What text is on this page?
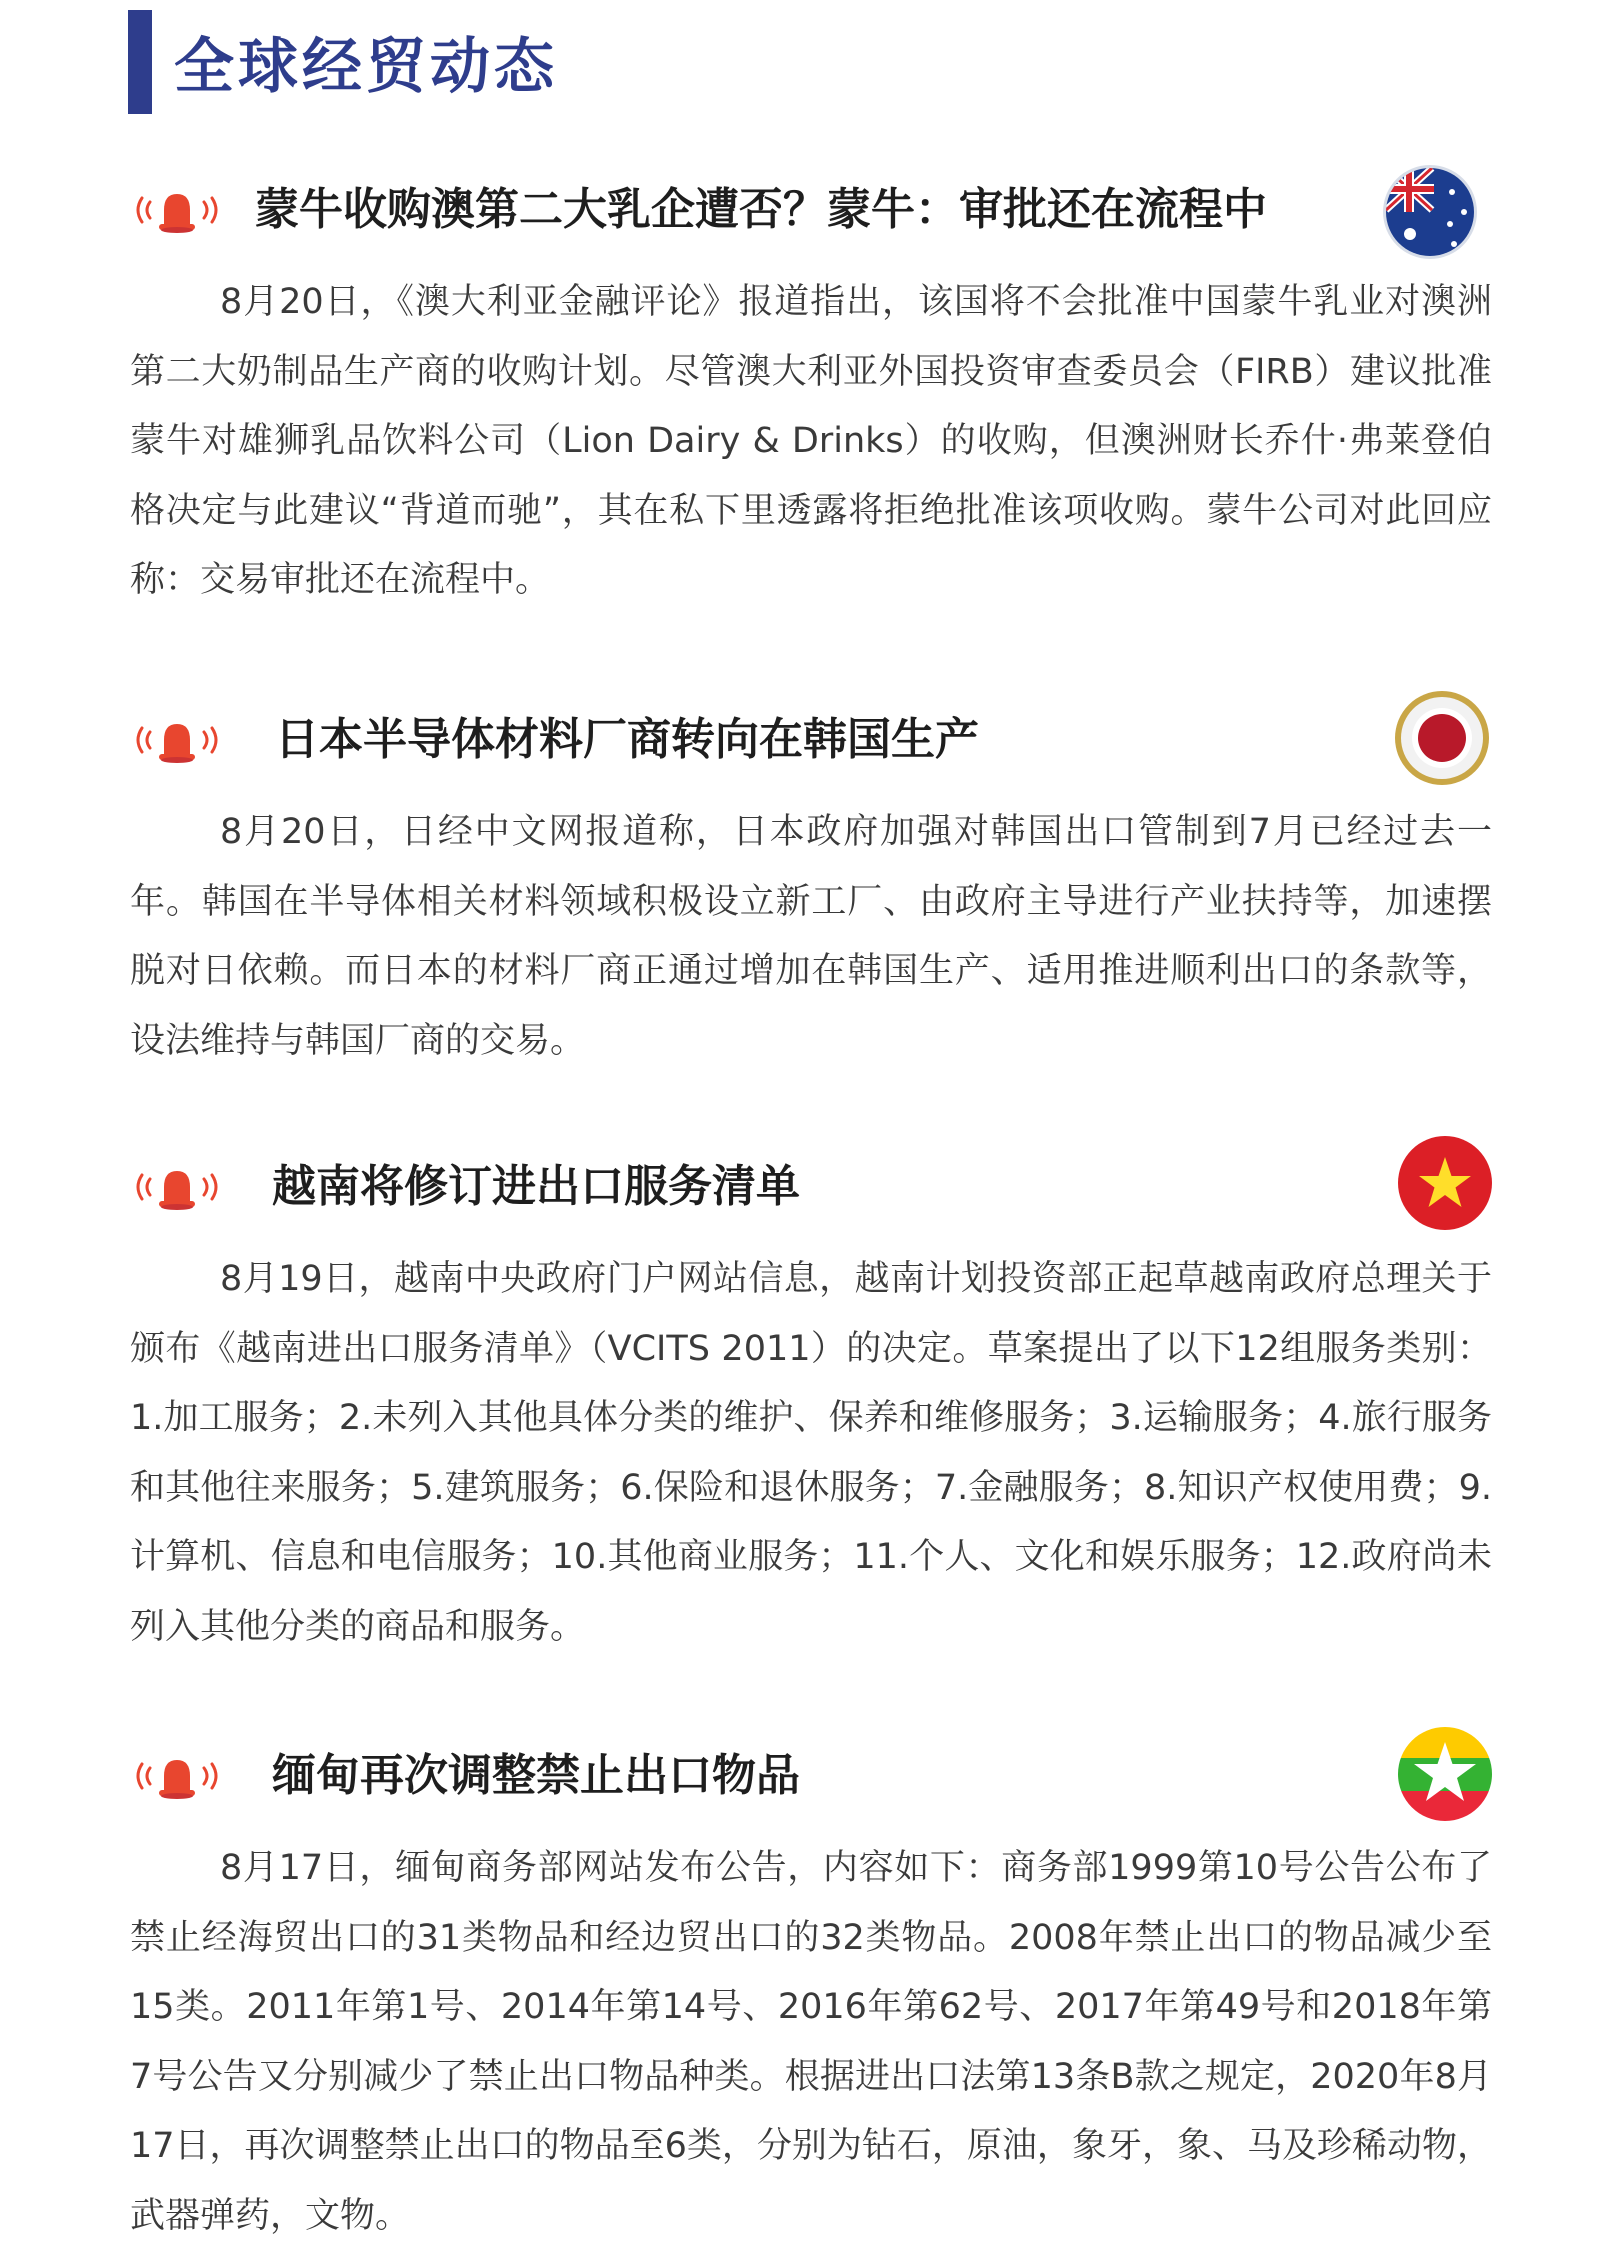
全球经贸动态
蒙牛收购澳第二大乳企遭否？蒙牛：审批还在流程中
8月20日，《澳大利亚金融评论》报道指出，该国将不会批准中国蒙牛乳业对澳洲第二大奶制品生产商的收购计划。尽管澳大利亚外国投资审查委员会（FIRB）建议批准蒙牛对雄狮乳品饮料公司（Lion Dairy & Drinks）的收购，但澳洲财长乔什·弗莱登伯格决定与此建议“背道而驰”，其在私下里透露将拒绝批准该项收购。蒙牛公司对此回应称：交易审批还在流程中。
日本半导体材料厂商转向在韩国生产
8月20日，日经中文网报道称，日本政府加强对韩国出口管制到7月已经过去一年。韩国在半导体相关材料领域积极设立新工厂、由政府主导进行产业扶持等，加速摆脱对日依赖。而日本的材料厂商正通过增加在韩国生产、适用推进顺利出口的条款等，设法维持与韩国厂商的交易。
越南将修订进出口服务清单
8月19日，越南中央政府门户网站信息，越南计划投资部正起草越南政府总理关于颁布《越南进出口服务清单》（VCITS 2011）的决定。草案提出了以下12组服务类别：1.加工服务；2.未列入其他具体分类的维护、保养和维修服务；3.运输服务；4.旅行服务和其他往来服务；5.建筑服务；6.保险和退休服务；7.金融服务；8.知识产权使用费；9.计算机、信息和电信服务；10.其他商业服务；11.个人、文化和娱乐服务；12.政府尚未列入其他分类的商品和服务。
缅甸再次调整禁止出口物品
8月17日，缅甸商务部网站发布公告，内容如下：商务部1999第10号公告公布了禁止经海贸出口的31类物品和经边贸出口的32类物品。2008年禁止出口的物品减少至15类。2011年第1号、2014年第14号、2016年第62号、2017年第49号和2018年第7号公告又分别减少了禁止出口物品种类。根据进出口法第13条B款之规定，2020年8月17日，再次调整禁止出口的物品至6类，分别为钻石，原油，象牙，象、马及珍稀动物，武器弹药，文物。
